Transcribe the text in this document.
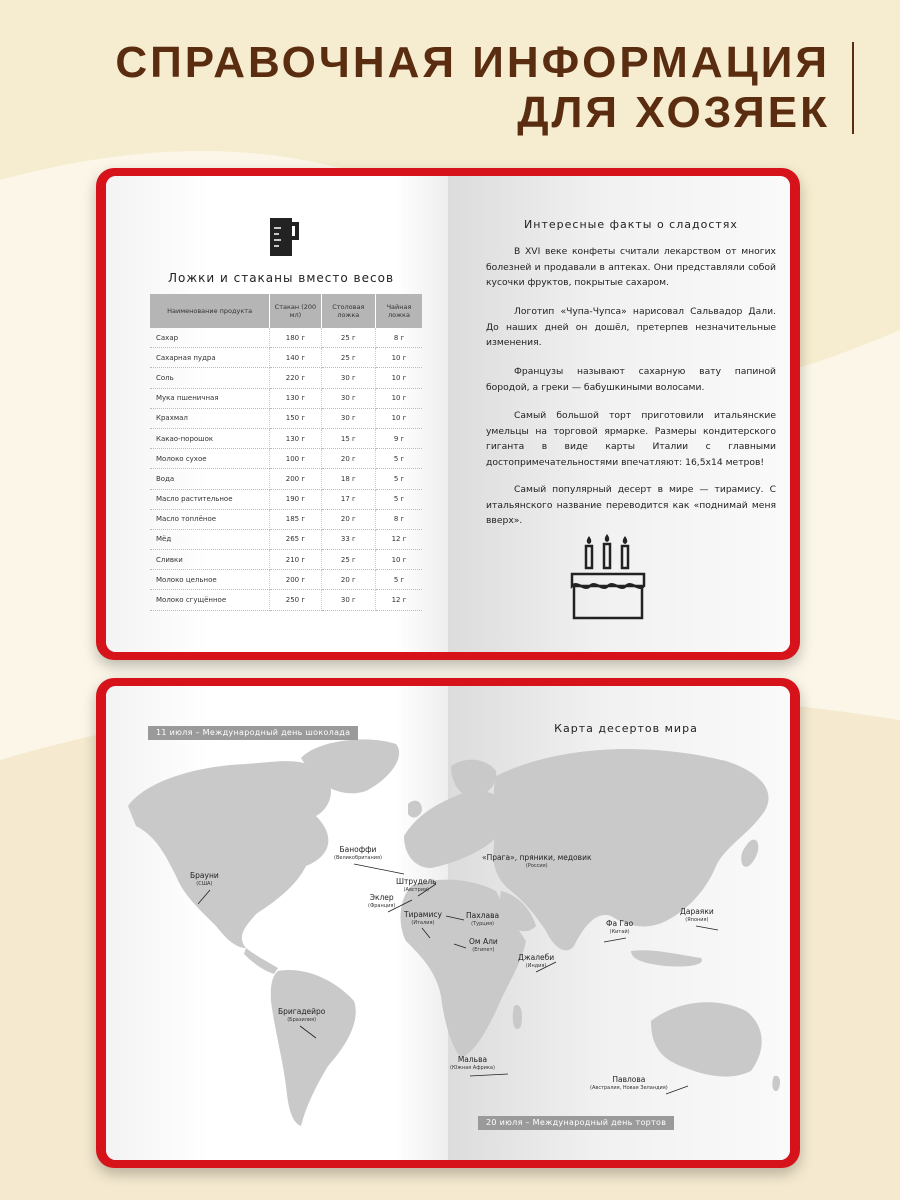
СПРАВОЧНАЯ ИНФОРМАЦИЯ
ДЛЯ ХОЗЯЕК
Ложки и стаканы вместо весов
Наименование продукта	Стакан (200 мл)	Столовая ложка	Чайная ложка
Сахар	180 г	25 г	8 г
Сахарная пудра	140 г	25 г	10 г
Соль	220 г	30 г	10 г
Мука пшеничная	130 г	30 г	10 г
Крахмал	150 г	30 г	10 г
Какао-порошок	130 г	15 г	9 г
Молоко сухое	100 г	20 г	5 г
Вода	200 г	18 г	5 г
Масло растительное	190 г	17 г	5 г
Масло топлёное	185 г	20 г	8 г
Мёд	265 г	33 г	12 г
Сливки	210 г	25 г	10 г
Молоко цельное	200 г	20 г	5 г
Молоко сгущённое	250 г	30 г	12 г
Интересные факты о сладостях
В XVI веке конфеты считали лекарством от многих болезней и продавали в аптеках. Они представляли собой кусочки фруктов, покрытые сахаром.
Логотип «Чупа-Чупса» нарисовал Сальвадор Дали. До наших дней он дошёл, претерпев незначительные изменения.
Французы называют сахарную вату папиной бородой, а греки — бабушкиными волосами.
Самый большой торт приготовили итальянские умельцы на торговой ярмарке. Размеры кондитерского гиганта в виде карты Италии с главными достопримечательностями впечатляют: 16,5х14 метров!
Самый популярный десерт в мире — тирамису. С итальянского название переводится как «поднимай меня вверх».
11 июля – Международный день шоколада	Карта десертов мира
20 июля – Международный день тортов
Брауни
(США)
Баноффи
(Великобритания)
Штрудель
(Австрия)
Эклер
(Франция)
Тирамису
(Италия)
Пахлава
(Турция)
Ом Али
(Египет)
«Прага», пряники, медовик
(Россия)
Джалеби
(Индия)
Фа Гао
(Китай)
Дараяки
(Япония)
Бригадейро
(Бразилия)
Мальва
(Южная Африка)
Павлова
(Австралия, Новая Зеландия)
